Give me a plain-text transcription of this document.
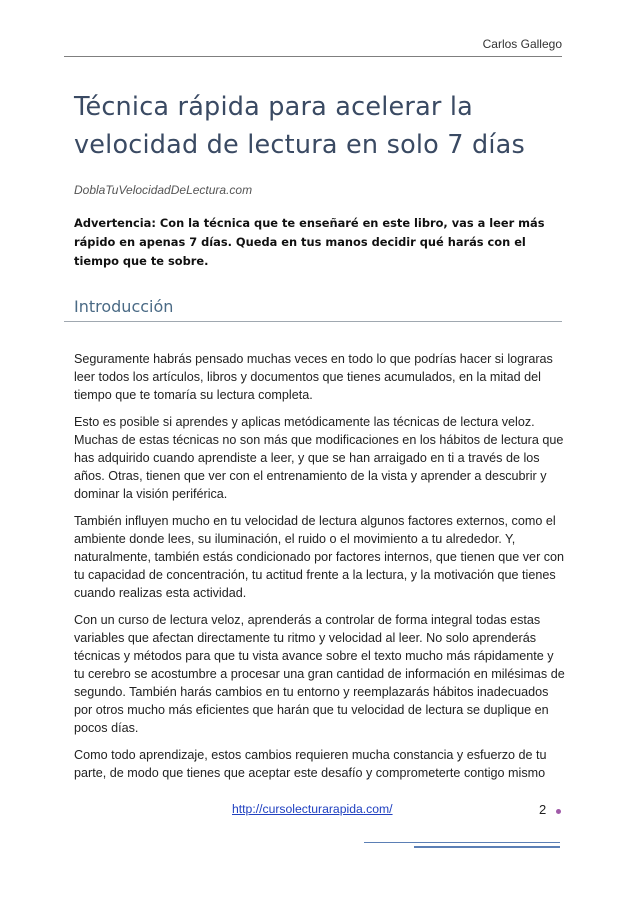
Carlos Gallego
Técnica rápida para acelerar la velocidad de lectura en solo 7 días
DoblaTuVelocidadDeLectura.com
Advertencia: Con la técnica que te enseñaré en este libro, vas a leer más rápido en apenas 7 días. Queda en tus manos decidir qué harás con el tiempo que te sobre.
Introducción

Seguramente habrás pensado muchas veces en todo lo que podrías hacer si lograras leer todos los artículos, libros y documentos que tienes acumulados, en la mitad del tiempo que te tomaría su lectura completa.

Esto es posible si aprendes y aplicas metódicamente las técnicas de lectura veloz. Muchas de estas técnicas no son más que modificaciones en los hábitos de lectura que has adquirido cuando aprendiste a leer, y que se han arraigado en ti a través de los años. Otras, tienen que ver con el entrenamiento de la vista y aprender a descubrir y dominar la visión periférica.

También influyen mucho en tu velocidad de lectura algunos factores externos, como el ambiente donde lees, su iluminación, el ruido o el movimiento a tu alrededor. Y, naturalmente, también estás condicionado por factores internos, que tienen que ver con tu capacidad de concentración, tu actitud frente a la lectura, y la motivación que tienes cuando realizas esta actividad.

Con un curso de lectura veloz, aprenderás a controlar de forma integral todas estas variables que afectan directamente tu ritmo y velocidad al leer. No solo aprenderás técnicas y métodos para que tu vista avance sobre el texto mucho más rápidamente y tu cerebro se acostumbre a procesar una gran cantidad de información en milésimas de segundo. También harás cambios en tu entorno y reemplazarás hábitos inadecuados por otros mucho más eficientes que harán que tu velocidad de lectura se duplique en pocos días.

Como todo aprendizaje, estos cambios requieren mucha constancia y esfuerzo de tu parte, de modo que tienes que aceptar este desafío y comprometerte contigo mismo

http://cursolecturarapida.com/	2
